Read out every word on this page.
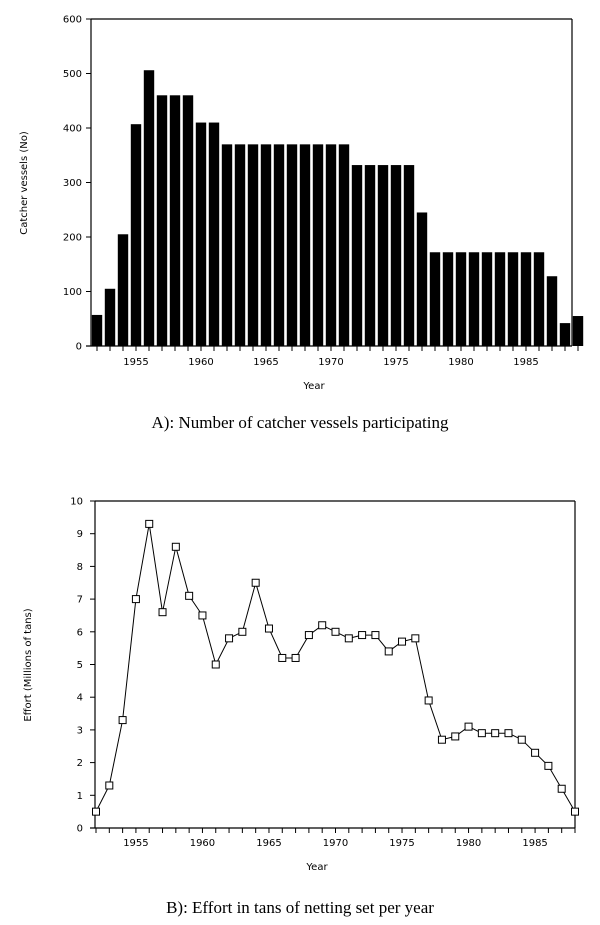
0
100
200
300
400
500
600
1955	1960	1965	1970	1975	1980	1985
Year
Catcher vessels (No)
A): Number of catcher vessels participating
0
1
2
3
4
5
6
7
8
9
10
1955	1960	1965	1970	1975	1980	1985
Year
Effort (Millions of tans)
B): Effort in tans of netting set per year
